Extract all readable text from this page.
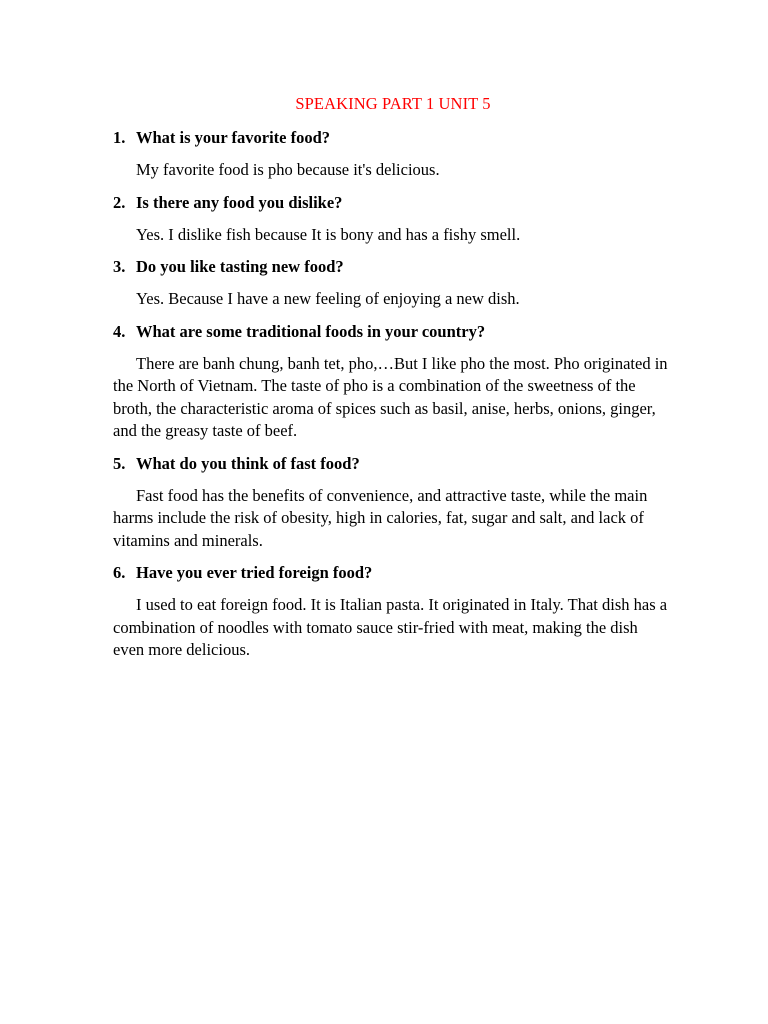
SPEAKING PART 1 UNIT 5
1. What is your favorite food?

My favorite food is pho because it's delicious.

2. Is there any food you dislike?

Yes. I dislike fish because It is bony and has a fishy smell.

3. Do you like tasting new food?

Yes. Because I have a new feeling of enjoying a new dish.

4. What are some traditional foods in your country?

There are banh chung, banh tet, pho,…But I like pho the most. Pho originated in the North of Vietnam. The taste of pho is a combination of the sweetness of the broth, the characteristic aroma of spices such as basil, anise, herbs, onions, ginger, and the greasy taste of beef.

5. What do you think of fast food?

Fast food has the benefits of convenience, and attractive taste, while the main harms include the risk of obesity, high in calories, fat, sugar and salt, and lack of vitamins and minerals.

6. Have you ever tried foreign food?

I used to eat foreign food. It is Italian pasta. It originated in Italy. That dish has a combination of noodles with tomato sauce stir-fried with meat, making the dish even more delicious.
